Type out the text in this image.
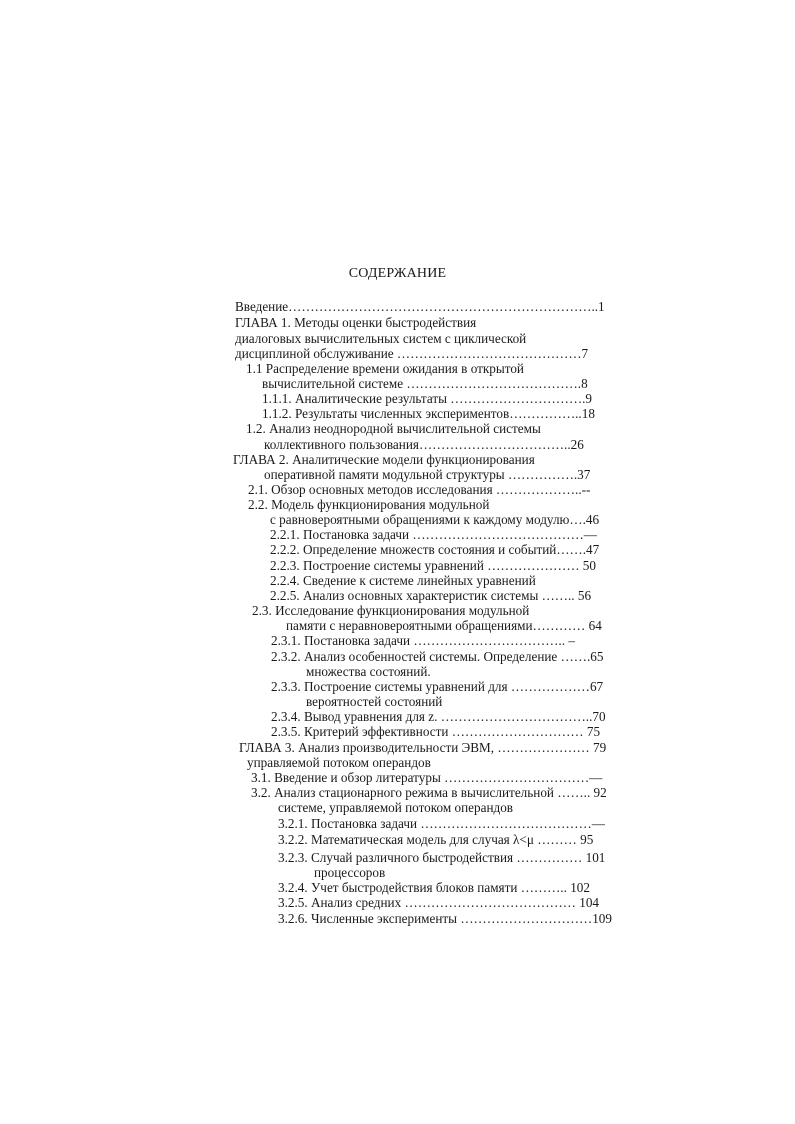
СОДЕРЖАНИЕ
Введение……………………………………………………………..1
ГЛАВА 1. Методы оценки быстродействия
диалоговых вычислительных систем с циклической
дисциплиной обслуживание ……………………………………7
1.1 Распределение времени ожидания в открытой
вычислительной системе ………………………………….8
1.1.1. Аналитические результаты ………………………….9
1.1.2. Результаты численных экспериментов……………..18
1.2. Анализ неоднородной вычислительной системы
коллективного пользования……………………………..26
ГЛАВА 2. Аналитические модели функционирования
оперативной памяти модульной структуры …………….37
2.1. Обзор основных методов исследования ………………..--
2.2. Модель функционирования модульной
с равновероятными обращениями к каждому модулю….46
2.2.1. Постановка задачи …………………………………—
2.2.2. Определение множеств состояния и событий…….47
2.2.3. Построение системы уравнений ………………… 50
2.2.4. Сведение к системе линейных уравнений
2.2.5. Анализ основных характеристик системы …….. 56
2.3. Исследование функционирования модульной
памяти с неравновероятными обращениями………… 64
2.3.1. Постановка задачи …………………………….. –
2.3.2. Анализ особенностей системы. Определение …….65
множества состояний.
2.3.3. Построение системы уравнений для ………………67
вероятностей состояний
2.3.4. Вывод уравнения для z. ……………………………..70
2.3.5. Критерий эффективности ………………………… 75
ГЛАВА 3. Анализ производительности ЭВМ, ………………… 79
управляемой потоком операндов
3.1. Введение и обзор литературы ……………………………—
3.2. Анализ стационарного режима в вычислительной …….. 92
системе, управляемой потоком операндов
3.2.1. Постановка задачи …………………………………—
3.2.2. Математическая модель для случая λ<μ ……… 95
3.2.3. Случай различного быстродействия …………… 101
процессоров
3.2.4. Учет быстродействия блоков памяти ……….. 102
3.2.5. Анализ средних ………………………………… 104
3.2.6. Численные эксперименты …………………………109
